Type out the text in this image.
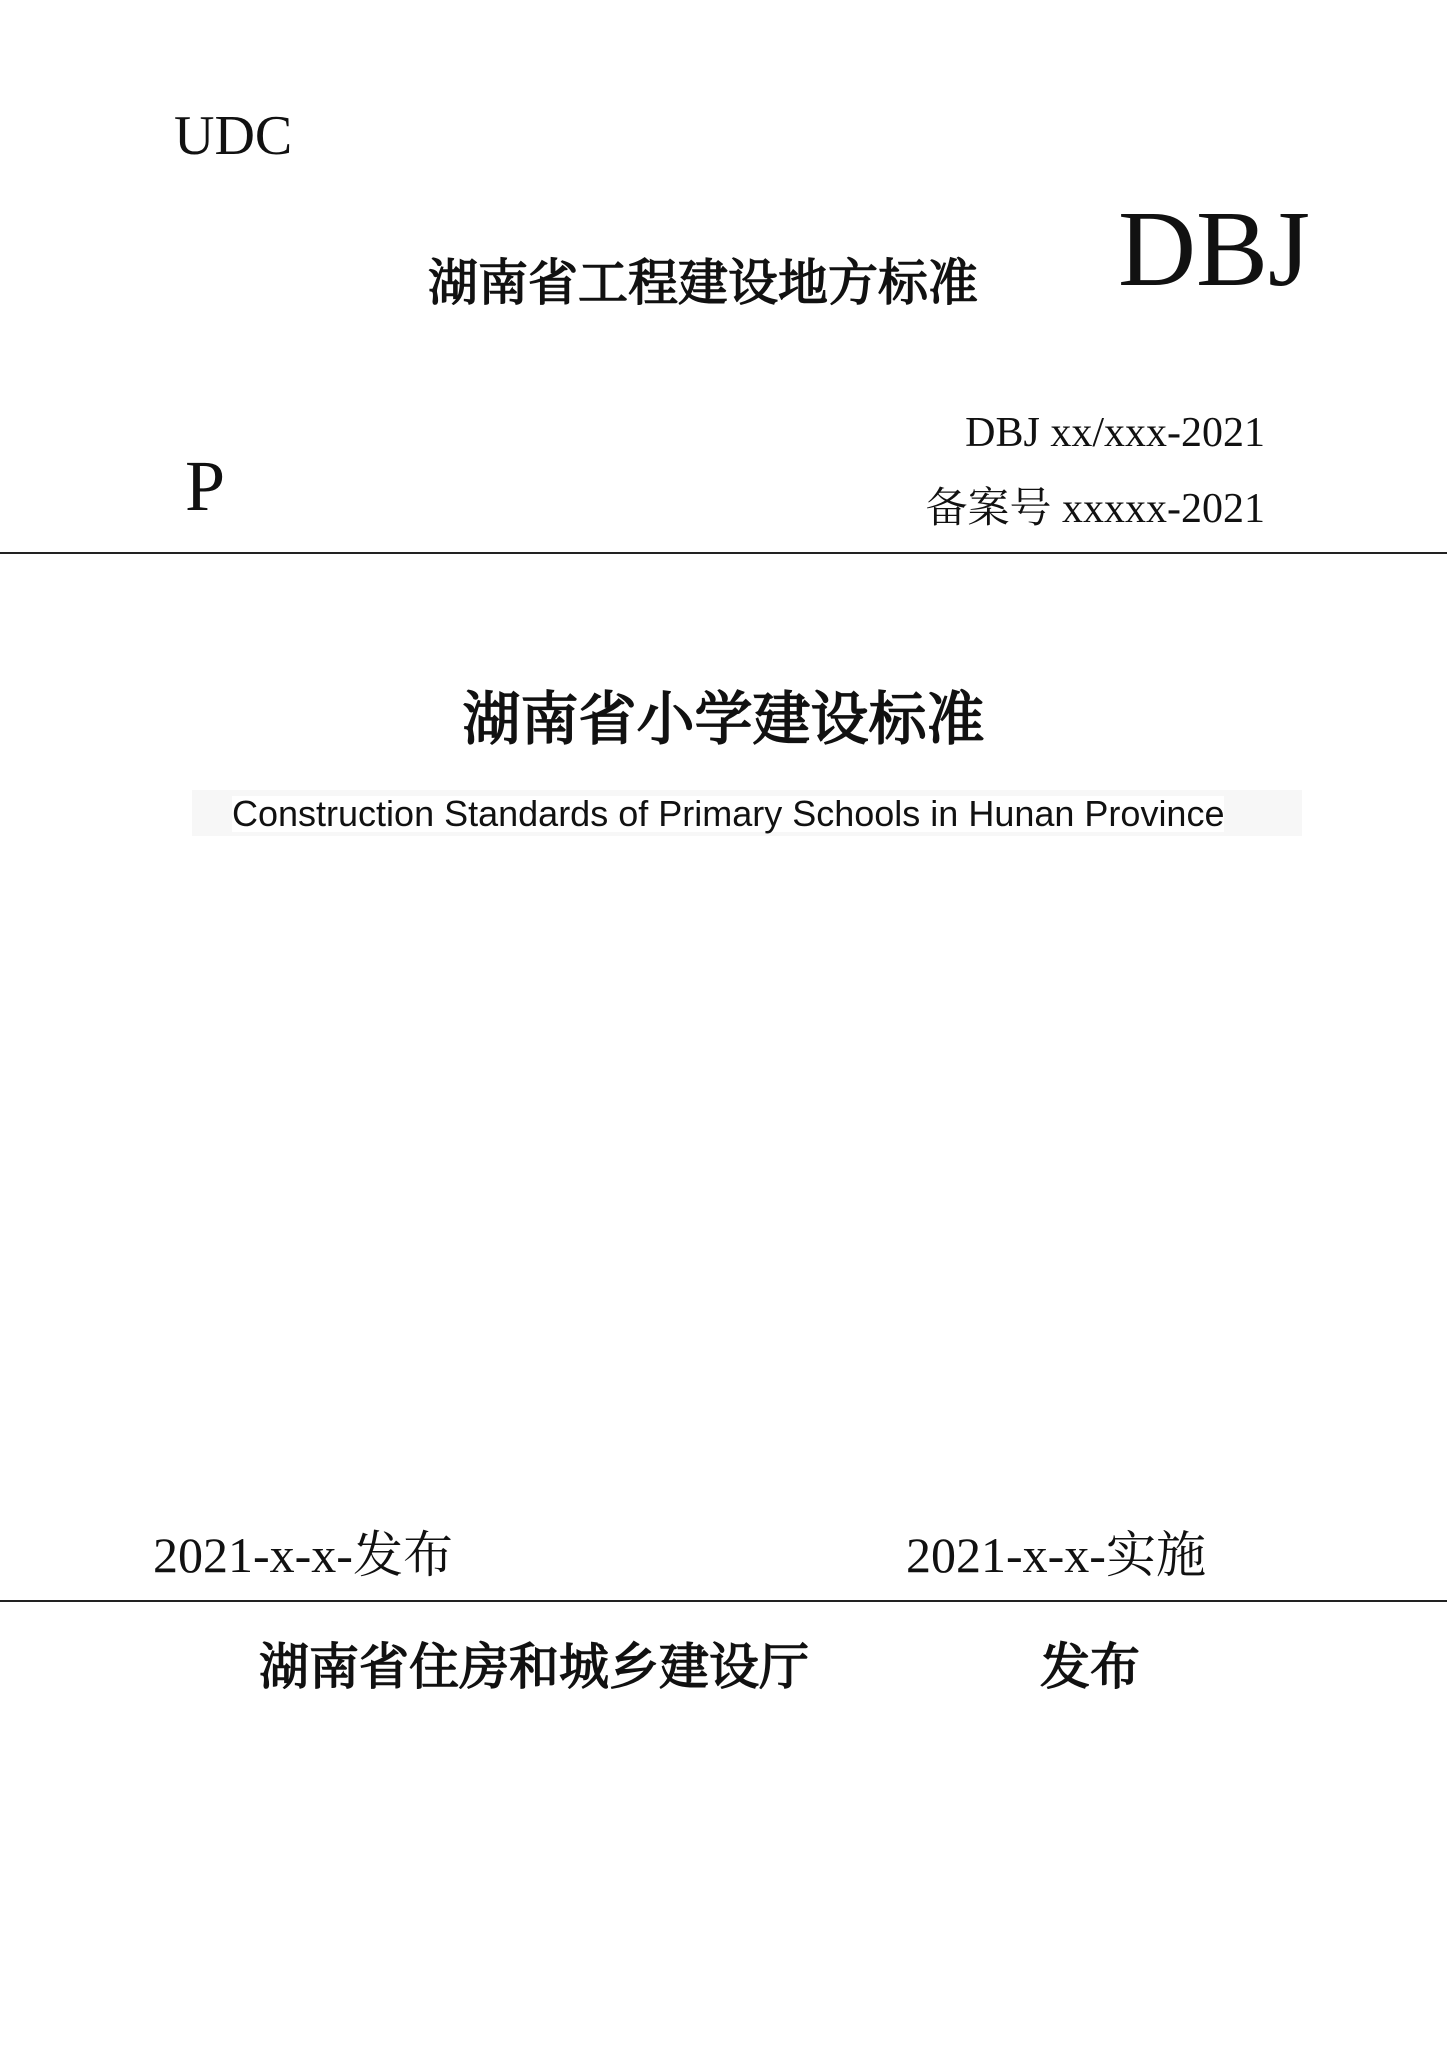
UDC
DBJ
湖南省工程建设地方标准
P
DBJ xx/xxx-2021
备案号 xxxxx-2021
湖南省小学建设标准
Construction Standards of Primary Schools in Hunan Province
2021-x-x-发布	2021-x-x-实施
湖南省住房和城乡建设厅	发布
